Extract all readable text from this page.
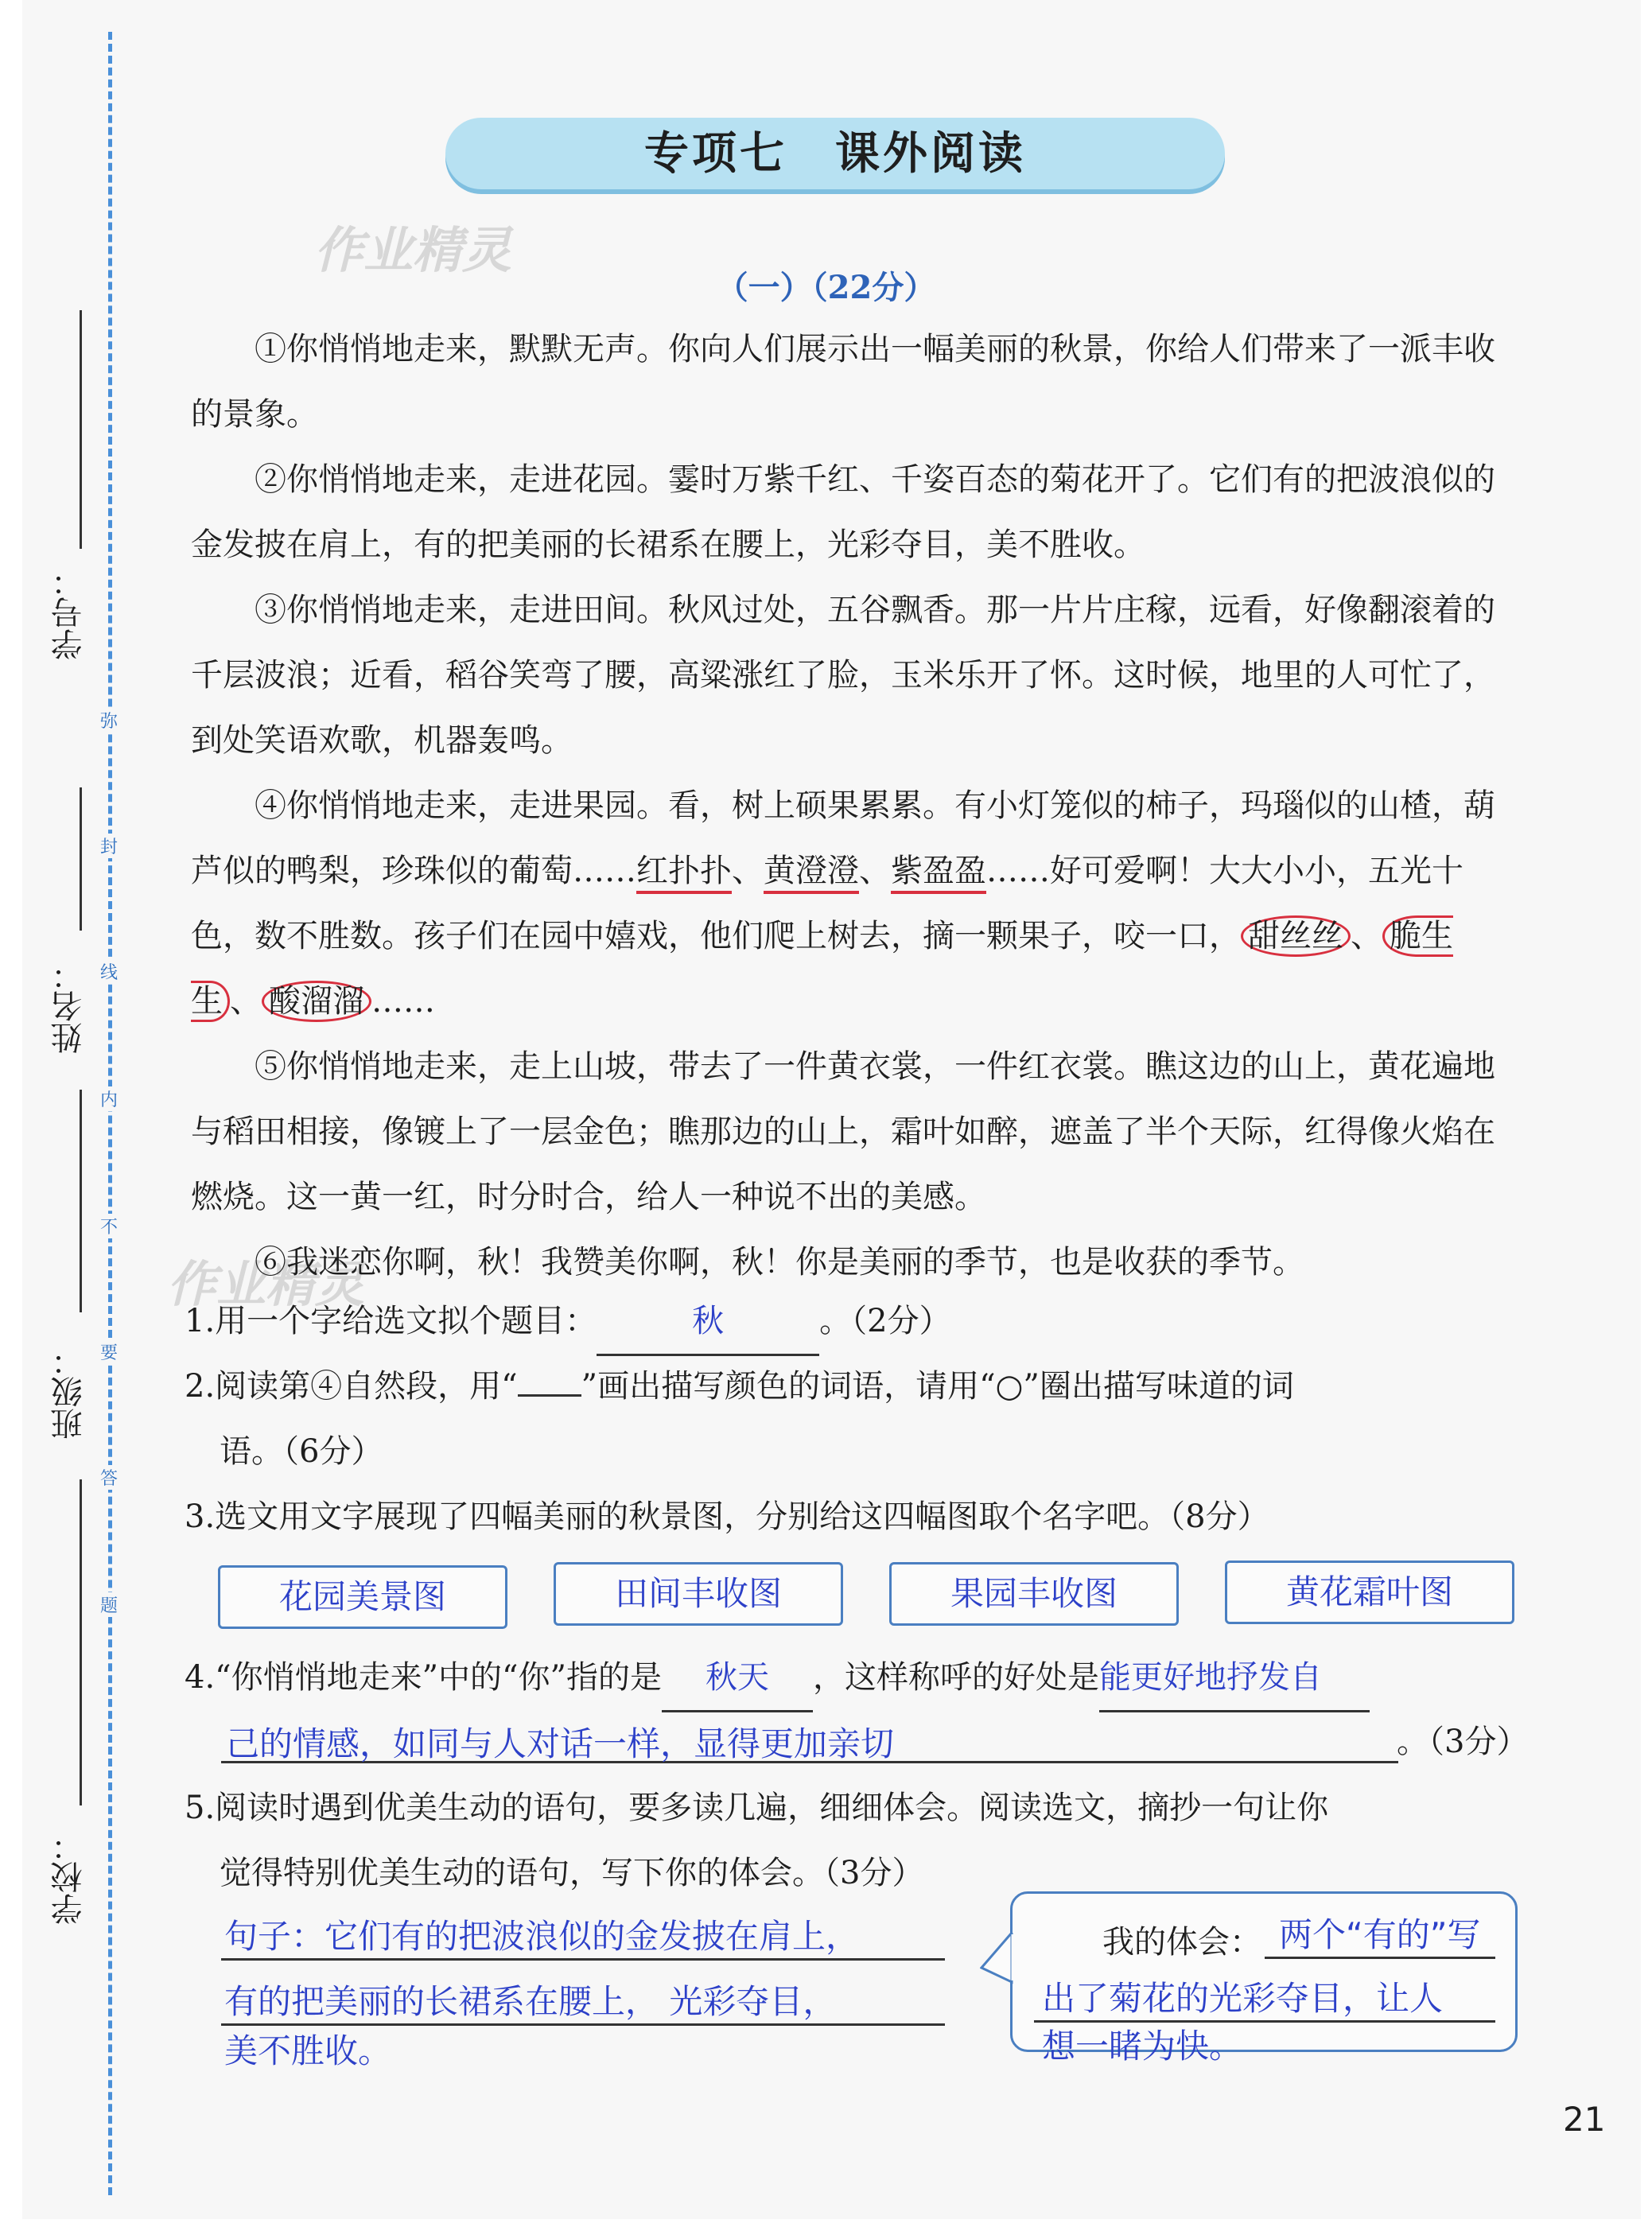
弥
封
线
内
不
要
答
题
学号：
姓名：
班级：
学校：
专项七　课外阅读
作业精灵
作业精灵
（一）（22分）

①你悄悄地走来，默默无声。你向人们展示出一幅美丽的秋景，你给人们带来了一派丰收的景象。

②你悄悄地走来，走进花园。霎时万紫千红、千姿百态的菊花开了。它们有的把波浪似的金发披在肩上，有的把美丽的长裙系在腰上，光彩夺目，美不胜收。

③你悄悄地走来，走进田间。秋风过处，五谷飘香。那一片片庄稼，远看，好像翻滚着的千层波浪；近看，稻谷笑弯了腰，高粱涨红了脸，玉米乐开了怀。这时候，地里的人可忙了，到处笑语欢歌，机器轰鸣。

④你悄悄地走来，走进果园。看，树上硕果累累。有小灯笼似的柿子，玛瑙似的山楂，葫芦似的鸭梨，珍珠似的葡萄……红扑扑、黄澄澄、紫盈盈……好可爱啊！大大小小，五光十色，数不胜数。孩子们在园中嬉戏，他们爬上树去，摘一颗果子，咬一口， 甜丝丝 、 脆生生 、 酸溜溜 ……

⑤你悄悄地走来，走上山坡，带去了一件黄衣裳，一件红衣裳。瞧这边的山上，黄花遍地与稻田相接，像镀上了一层金色；瞧那边的山上，霜叶如醉，遮盖了半个天际，红得像火焰在燃烧。这一黄一红，时分时合，给人一种说不出的美感。

⑥我迷恋你啊，秋！我赞美你啊，秋！你是美丽的季节，也是收获的季节。

1.用一个字给选文拟个题目：	秋	。（2分）

2.阅读第④自然段，用“ ”画出描写颜色的词语，请用“○”圈出描写味道的词

语。（6分）

3.选文用文字展现了四幅美丽的秋景图，分别给这四幅图取个名字吧。（8分）

花园美景图	田间丰收图	果园丰收图	黄花霜叶图

4.“你悄悄地走来”中的“你”指的是 秋天 ，这样称呼的好处是能更好地抒发自

己的情感，如同与人对话一样，显得更加亲切	。（3分）

5.阅读时遇到优美生动的语句，要多读几遍，细细体会。阅读选文，摘抄一句让你

觉得特别优美生动的语句，写下你的体会。（3分）

句子：它们有的把波浪似的金发披在肩上，
有的把美丽的长裙系在腰上， 光彩夺目，
美不胜收。
我的体会： 两个“有的”写
出了菊花的光彩夺目，让人
想一睹为快。
21
